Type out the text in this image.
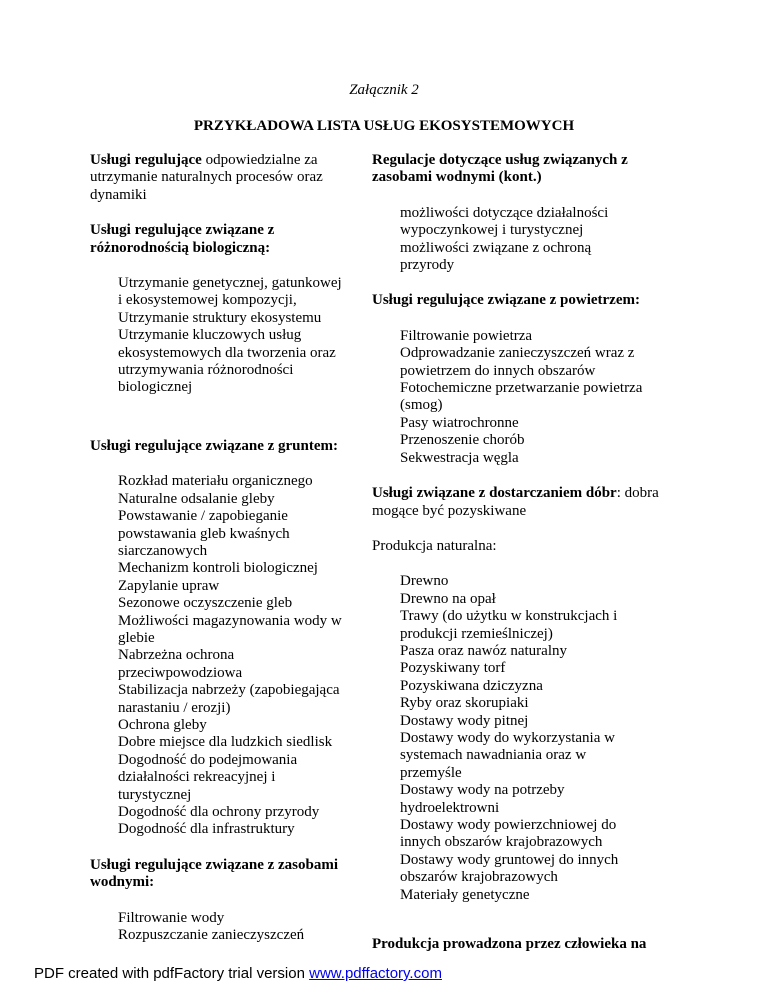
Załącznik 2
PRZYKŁADOWA LISTA USŁUG EKOSYSTEMOWYCH
Usługi regulujące odpowiedzialne za
utrzymanie naturalnych procesów oraz
dynamiki
Usługi regulujące związane z
różnorodnością biologiczną:
Utrzymanie genetycznej, gatunkowej
i ekosystemowej kompozycji,
Utrzymanie struktury ekosystemu
Utrzymanie kluczowych usług
ekosystemowych dla tworzenia oraz
utrzymywania różnorodności
biologicznej
Usługi regulujące związane z gruntem:
Rozkład materiału organicznego
Naturalne odsalanie gleby
Powstawanie / zapobieganie
powstawania gleb kwaśnych
siarczanowych
Mechanizm kontroli biologicznej
Zapylanie upraw
Sezonowe oczyszczenie gleb
Możliwości magazynowania wody w
glebie
Nabrzeżna ochrona
przeciwpowodziowa
Stabilizacja nabrzeży (zapobiegająca
narastaniu / erozji)
Ochrona gleby
Dobre miejsce dla ludzkich siedlisk
Dogodność do podejmowania
działalności rekreacyjnej i
turystycznej
Dogodność dla ochrony przyrody
Dogodność dla infrastruktury
Usługi regulujące związane z zasobami
wodnymi:
Filtrowanie wody
Rozpuszczanie zanieczyszczeń
Regulacje dotyczące usług związanych z
zasobami wodnymi (kont.)
możliwości dotyczące działalności
wypoczynkowej i turystycznej
możliwości związane z ochroną
przyrody
Usługi regulujące związane z powietrzem:
Filtrowanie powietrza
Odprowadzanie zanieczyszczeń wraz z
powietrzem do innych obszarów
Fotochemiczne przetwarzanie powietrza
(smog)
Pasy wiatrochronne
Przenoszenie chorób
Sekwestracja węgla
Usługi związane z dostarczaniem dóbr: dobra
mogące być pozyskiwane
Produkcja naturalna:
Drewno
Drewno na opał
Trawy (do użytku w konstrukcjach i
produkcji rzemieślniczej)
Pasza oraz nawóz naturalny
Pozyskiwany torf
Pozyskiwana dziczyzna
Ryby oraz skorupiaki
Dostawy wody pitnej
Dostawy wody do wykorzystania w
systemach nawadniania oraz w
przemyśle
Dostawy wody na potrzeby
hydroelektrowni
Dostawy wody powierzchniowej do
innych obszarów krajobrazowych
Dostawy wody gruntowej do innych
obszarów krajobrazowych
Materiały genetyczne
Produkcja prowadzona przez człowieka na
PDF created with pdfFactory trial version www.pdffactory.com
